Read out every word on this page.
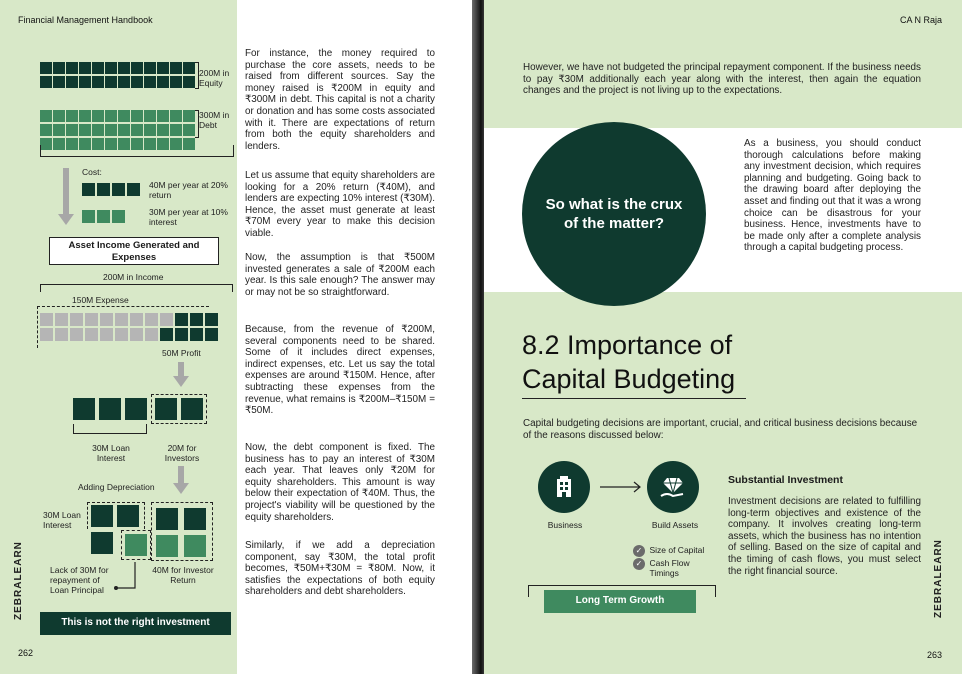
Financial Management Handbook
200M in Equity
300M in Debt
Cost:
40M per year at 20% return
30M per year at 10% interest
Asset Income Generated and Expenses
200M in Income
150M Expense
50M Profit
30M Loan Interest
20M for Investors
Adding Depreciation
30M Loan Interest
Lack of 30M for repayment of Loan Principal
40M for Investor Return
This is not the right investment
ZEBRALEARN
262
For instance, the money required to purchase the core assets, needs to be raised from different sources. Say the money raised is ₹200M in equity and ₹300M in debt. This capital is not a charity or donation and has some costs associated with it. There are expectations of return from both the equity shareholders and lenders.
Let us assume that equity shareholders are looking for a 20% return (₹40M), and lenders are expecting 10% interest (₹30M). Hence, the asset must generate at least ₹70M every year to make this decision viable.
Now, the assumption is that ₹500M invested generates a sale of ₹200M each year. Is this sale enough? The answer may or may not be so straightforward.
Because, from the revenue of ₹200M, several components need to be shared. Some of it includes direct expenses, indirect expenses, etc. Let us say the total expenses are around ₹150M. Hence, after subtracting these expenses from the revenue, what remains is ₹200M–₹150M = ₹50M.
Now, the debt component is fixed. The business has to pay an interest of ₹30M each year. That leaves only ₹20M for equity shareholders. This amount is way below their expectation of ₹40M. Thus, the project's viability will be questioned by the equity shareholders.
Similarly, if we add a depreciation component, say ₹30M, the total profit becomes, ₹50M+₹30M = ₹80M. Now, it satisfies the expectations of both equity shareholders and debt shareholders.
CA N Raja
However, we have not budgeted the principal repayment component. If the business needs to pay ₹30M additionally each year along with the interest, then again the equation changes and the project is not living up to the expectations.
So what is the crux of the matter?
As a business, you should conduct thorough calculations before making any investment decision, which requires planning and budgeting. Going back to the drawing board after deploying the asset and finding out that it was a wrong choice can be disastrous for your business. Hence, investments have to be made only after a complete analysis through a capital budgeting process.
8.2 Importance of
Capital Budgeting
Capital budgeting decisions are important, crucial, and critical business decisions because of the reasons discussed below:
Business	Build Assets
✓ Size of Capital
✓ Cash Flow Timings
Long Term Growth
Substantial Investment
Investment decisions are related to fulfilling long-term objectives and existence of the company. It involves creating long-term assets, which the business has no intention of selling. Based on the size of capital and the timing of cash flows, you must select the right financial source.	ZEBRALEARN
263
